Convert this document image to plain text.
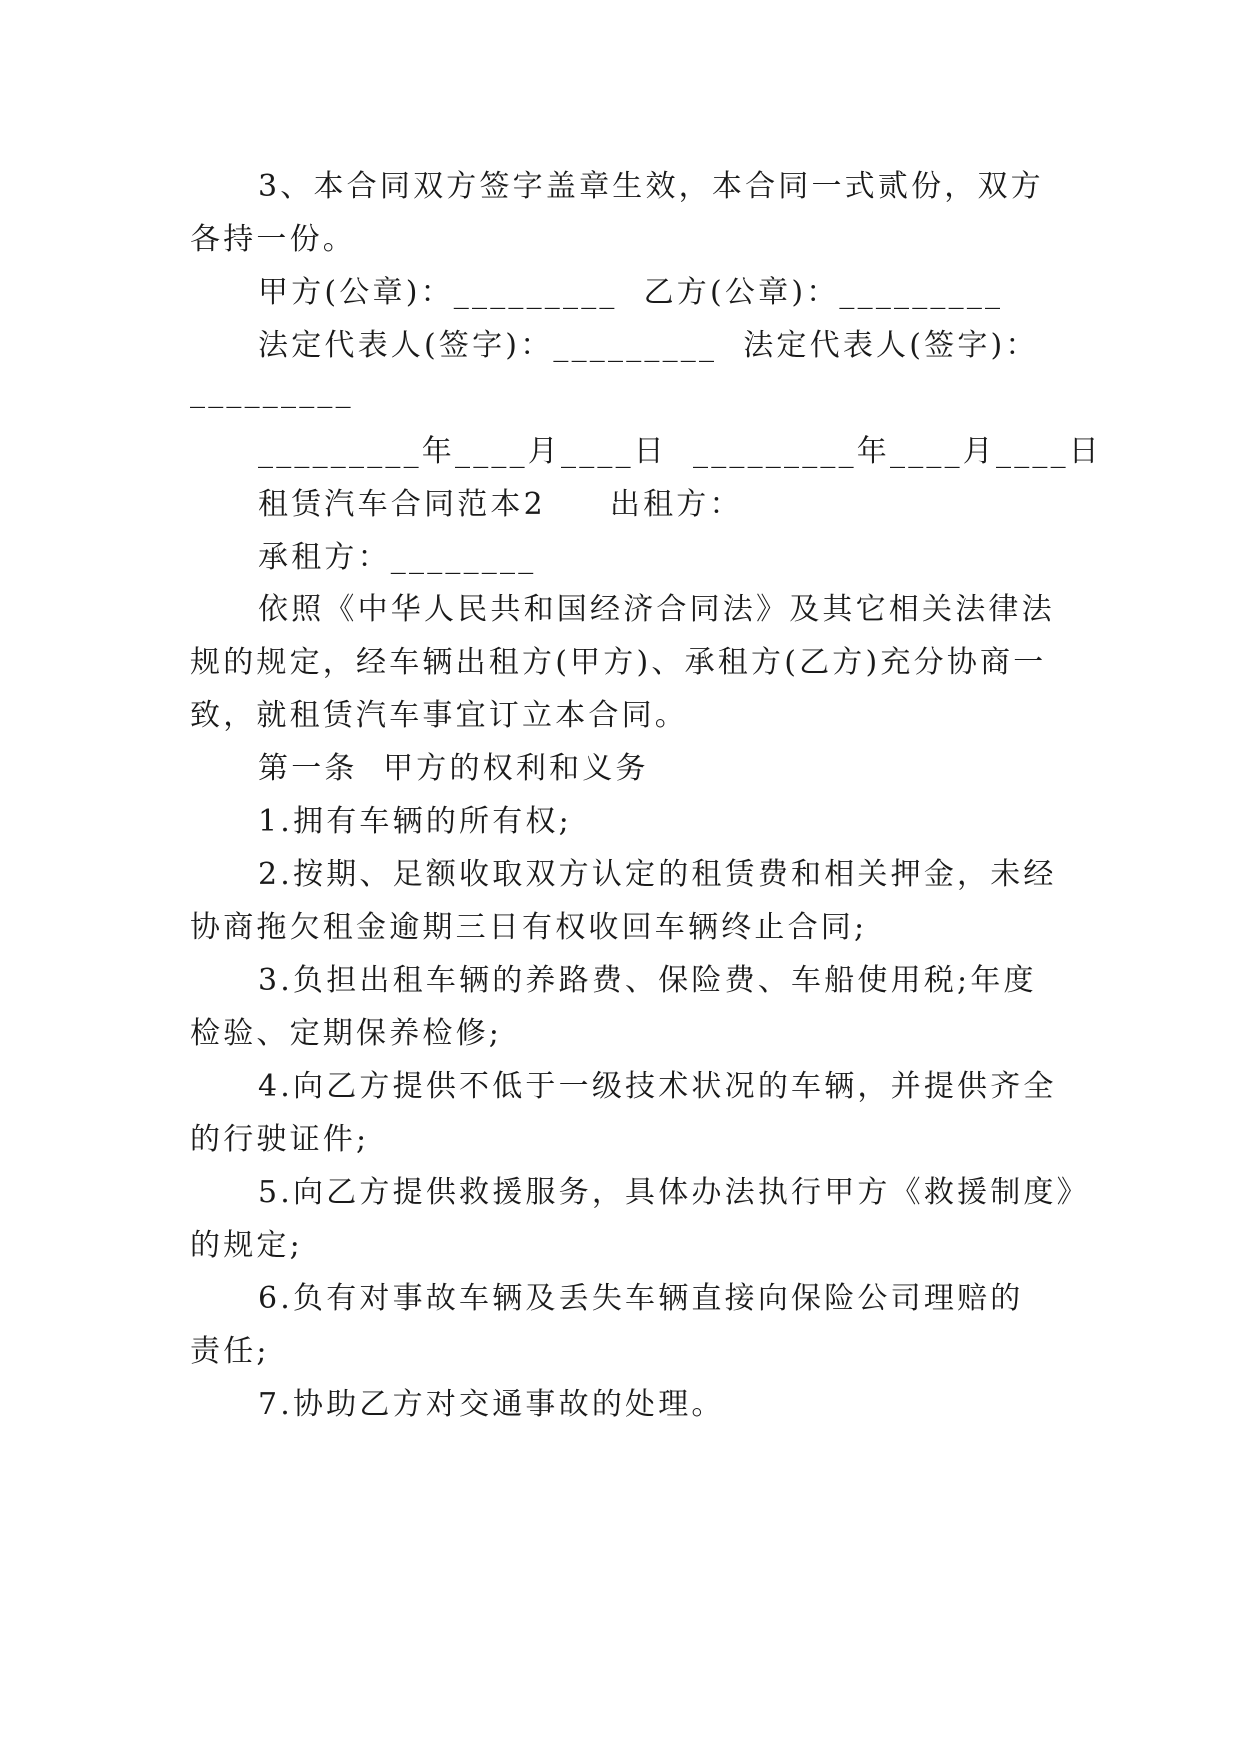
3、本合同双方签字盖章生效，本合同一式贰份，双方
各持一份。
甲方(公章)：_________ 乙方(公章)：_________
法定代表人(签字)：_________ 法定代表人(签字)：
_________
_________年____月____日 _________年____月____日
租赁汽车合同范本2 出租方：
承租方：________
依照《中华人民共和国经济合同法》及其它相关法律法
规的规定，经车辆出租方(甲方)、承租方(乙方)充分协商一
致，就租赁汽车事宜订立本合同。
第一条  甲方的权利和义务
1.拥有车辆的所有权;
2.按期、足额收取双方认定的租赁费和相关押金，未经
协商拖欠租金逾期三日有权收回车辆终止合同;
3.负担出租车辆的养路费、保险费、车船使用税;年度
检验、定期保养检修;
4.向乙方提供不低于一级技术状况的车辆，并提供齐全
的行驶证件;
5.向乙方提供救援服务，具体办法执行甲方《救援制度》
的规定;
6.负有对事故车辆及丢失车辆直接向保险公司理赔的
责任;
7.协助乙方对交通事故的处理。
